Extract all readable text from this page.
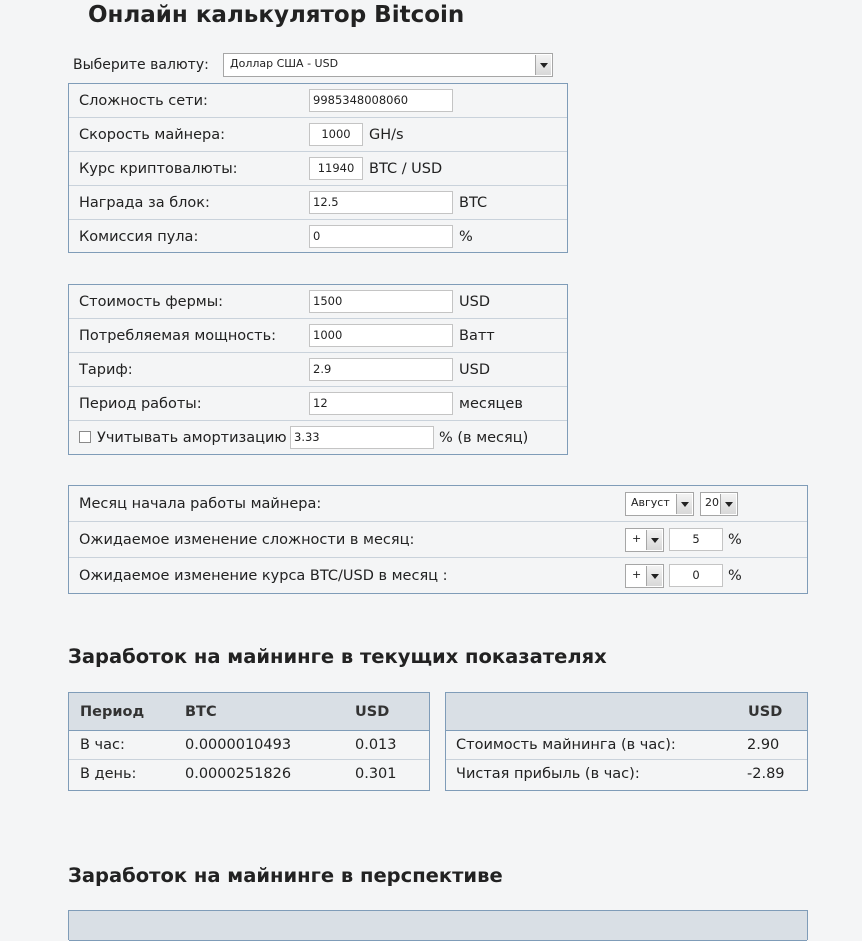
Онлайн калькулятор Bitcoin
Выберите валюту:	Доллар США - USD
Сложность сети:	9985348008060
Скорость майнера:	1000	GH/s
Курс криптовалюты:	11940	BTC / USD
Награда за блок:	12.5	BTC
Комиссия пула:	0	%
Стоимость фермы:	1500	USD
Потребляемая мощность:	1000	Ватт
Тариф:	2.9	USD
Период работы:	12	месяцев
Учитывать амортизацию 3.33	% (в месяц)
Месяц начала работы майнера:	Август	20
Ожидаемое изменение сложности в месяц:	+	5	%
Ожидаемое изменение курса BTC/USD в месяц :	+	0	%
Заработок на майнинге в текущих показателях
Период	BTC	USD
В час:	0.0000010493	0.013
В день:	0.0000251826	0.301
USD
Стоимость майнинга (в час):	2.90
Чистая прибыль (в час):	-2.89
Заработок на майнинге в перспективе
